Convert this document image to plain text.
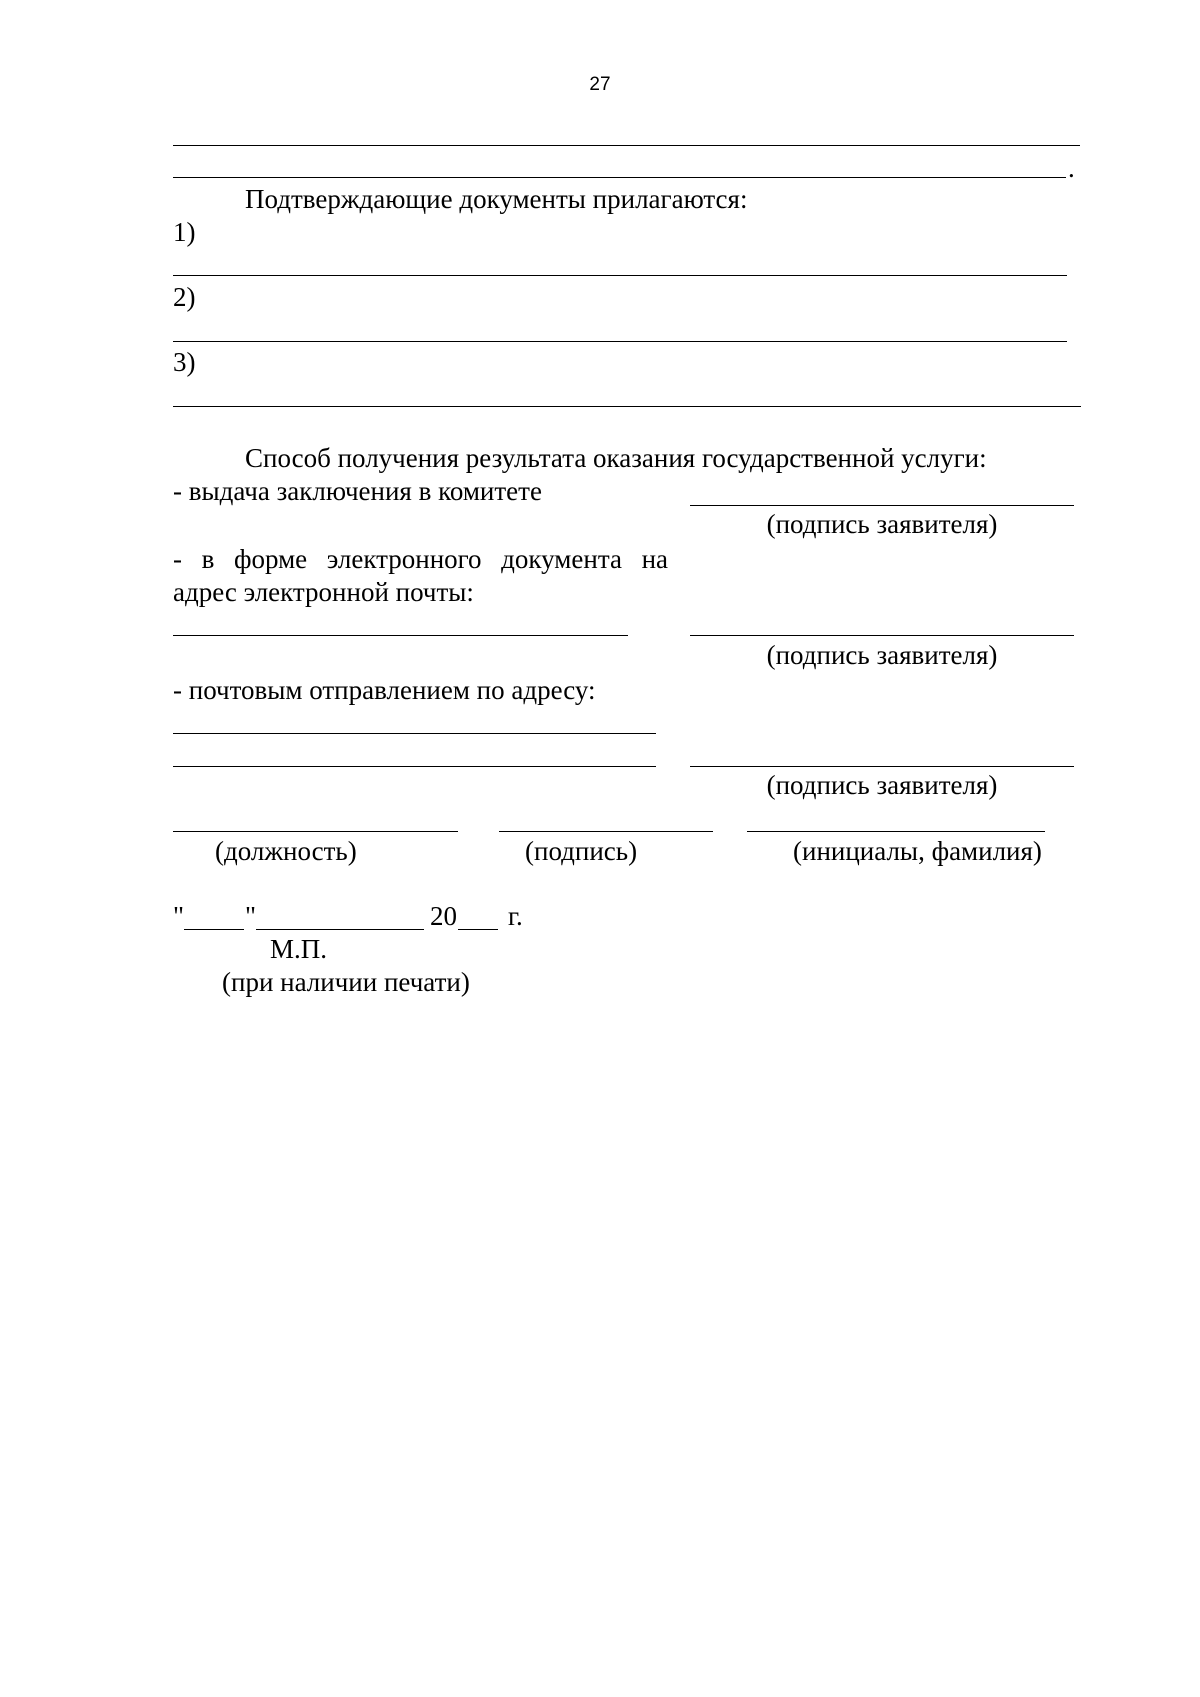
27
.
Подтверждающие документы прилагаются:
1)
2)
3)
Способ получения результата оказания государственной услуги:
- выдача заключения в комитете
(подпись заявителя)
- в форме электронного документа на
адрес электронной почты:
(подпись заявителя)
- почтовым отправлением по адресу:
(подпись заявителя)
(должность)	(подпись)	(инициалы, фамилия)
" "	20 г.
М.П.
(при наличии печати)
